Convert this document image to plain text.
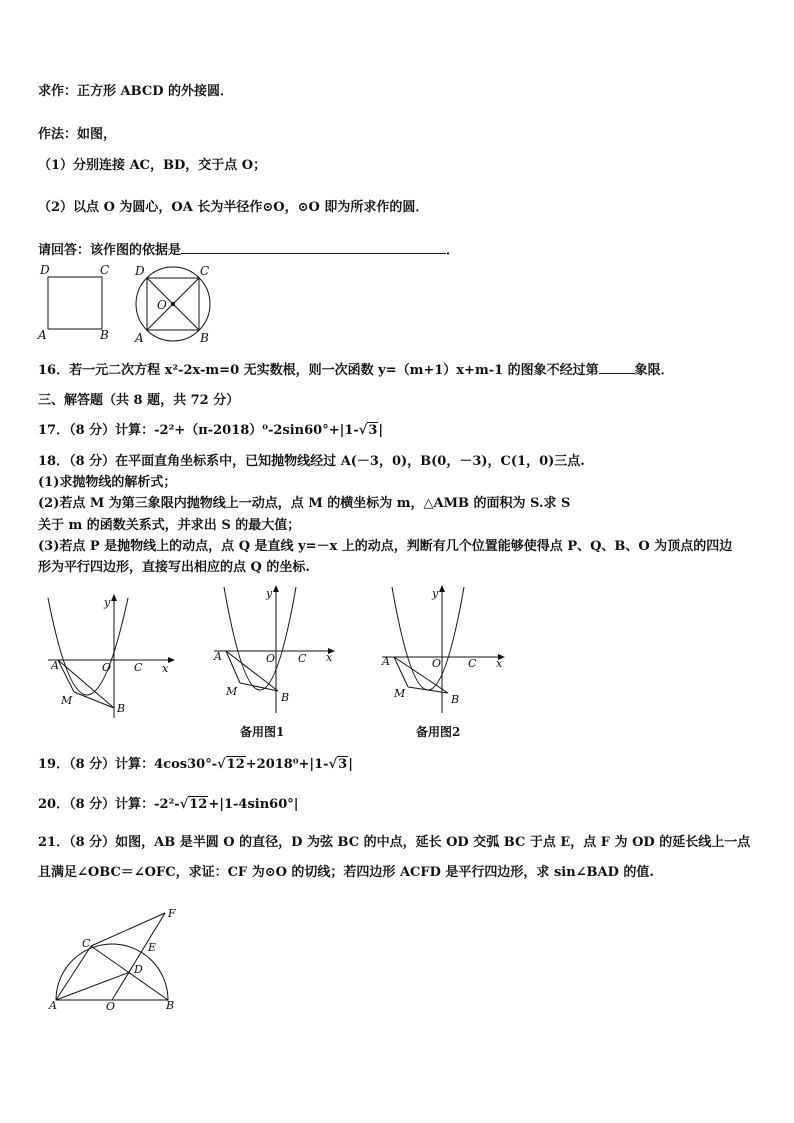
求作：正方形 ABCD 的外接圆．
作法：如图，
（1）分别连接 AC，BD，交于点 O；
（2）以点 O 为圆心，OA 长为半径作⊙O，⊙O 即为所求作的圆．
请回答：该作图的依据是	．
D	C
A	B
D	C
O
A	B
16．若一元二次方程 x²-2x-m=0 无实数根，则一次函数 y=（m+1）x+m-1 的图象不经过第	象限．
三、解答题（共 8 题，共 72 分）
17．（8 分）计算：-2²+（π-2018）⁰-2sin60°+|1-√3|
18．（8 分）在平面直角坐标系中，已知抛物线经过 A(－3，0)，B(0，－3)，C(1，0)三点.
(1)求抛物线的解析式；
(2)若点 M 为第三象限内抛物线上一动点，点 M 的横坐标为 m，△AMB 的面积为 S.求 S
关于 m 的函数关系式，并求出 S 的最大值；
(3)若点 P 是抛物线上的动点，点 Q 是直线 y=－x 上的动点，判断有几个位置能够使得点 P、Q、B、O 为顶点的四边
形为平行四边形，直接写出相应的点 Q 的坐标.
y
x
A	O C
M
B
y
x
A	O C
M	B
备用图1
y
x
A	O C
M	B
备用图2
19．（8 分）计算：4cos30°-√12+2018⁰+|1-√3|
20．（8 分）计算：-2²-√12+|1-4sin60°|
21．（8 分）如图，AB 是半圆 O 的直径，D 为弦 BC 的中点，延长 OD 交弧 BC 于点 E，点 F 为 OD 的延长线上一点
且满足∠OBC＝∠OFC，求证：CF 为⊙O 的切线；若四边形 ACFD 是平行四边形，求 sin∠BAD 的值.
F
C	E
D
A	O	B
